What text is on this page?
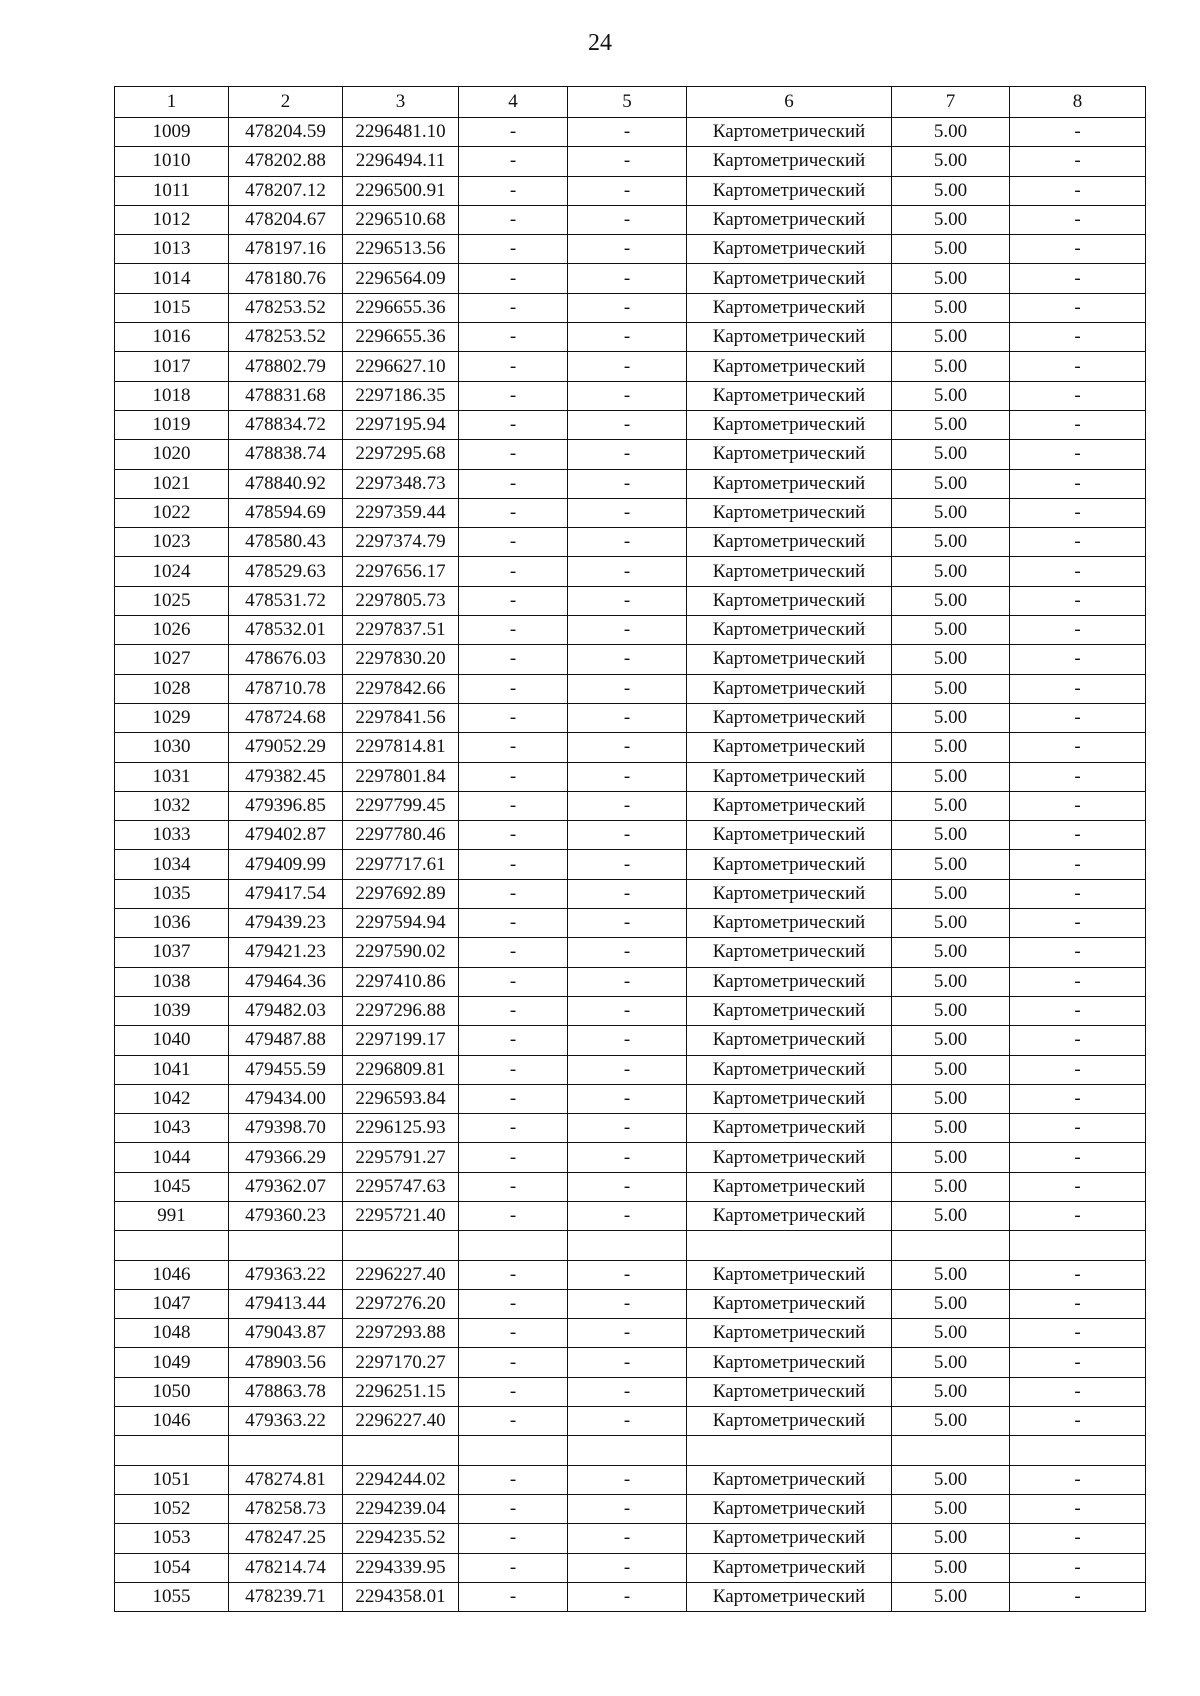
24
1	2	3	4	5	6	7	8
1009	478204.59	2296481.10	-	-	Картометрический	5.00	-
1010	478202.88	2296494.11	-	-	Картометрический	5.00	-
1011	478207.12	2296500.91	-	-	Картометрический	5.00	-
1012	478204.67	2296510.68	-	-	Картометрический	5.00	-
1013	478197.16	2296513.56	-	-	Картометрический	5.00	-
1014	478180.76	2296564.09	-	-	Картометрический	5.00	-
1015	478253.52	2296655.36	-	-	Картометрический	5.00	-
1016	478253.52	2296655.36	-	-	Картометрический	5.00	-
1017	478802.79	2296627.10	-	-	Картометрический	5.00	-
1018	478831.68	2297186.35	-	-	Картометрический	5.00	-
1019	478834.72	2297195.94	-	-	Картометрический	5.00	-
1020	478838.74	2297295.68	-	-	Картометрический	5.00	-
1021	478840.92	2297348.73	-	-	Картометрический	5.00	-
1022	478594.69	2297359.44	-	-	Картометрический	5.00	-
1023	478580.43	2297374.79	-	-	Картометрический	5.00	-
1024	478529.63	2297656.17	-	-	Картометрический	5.00	-
1025	478531.72	2297805.73	-	-	Картометрический	5.00	-
1026	478532.01	2297837.51	-	-	Картометрический	5.00	-
1027	478676.03	2297830.20	-	-	Картометрический	5.00	-
1028	478710.78	2297842.66	-	-	Картометрический	5.00	-
1029	478724.68	2297841.56	-	-	Картометрический	5.00	-
1030	479052.29	2297814.81	-	-	Картометрический	5.00	-
1031	479382.45	2297801.84	-	-	Картометрический	5.00	-
1032	479396.85	2297799.45	-	-	Картометрический	5.00	-
1033	479402.87	2297780.46	-	-	Картометрический	5.00	-
1034	479409.99	2297717.61	-	-	Картометрический	5.00	-
1035	479417.54	2297692.89	-	-	Картометрический	5.00	-
1036	479439.23	2297594.94	-	-	Картометрический	5.00	-
1037	479421.23	2297590.02	-	-	Картометрический	5.00	-
1038	479464.36	2297410.86	-	-	Картометрический	5.00	-
1039	479482.03	2297296.88	-	-	Картометрический	5.00	-
1040	479487.88	2297199.17	-	-	Картометрический	5.00	-
1041	479455.59	2296809.81	-	-	Картометрический	5.00	-
1042	479434.00	2296593.84	-	-	Картометрический	5.00	-
1043	479398.70	2296125.93	-	-	Картометрический	5.00	-
1044	479366.29	2295791.27	-	-	Картометрический	5.00	-
1045	479362.07	2295747.63	-	-	Картометрический	5.00	-
991	479360.23	2295721.40	-	-	Картометрический	5.00	-

1046	479363.22	2296227.40	-	-	Картометрический	5.00	-
1047	479413.44	2297276.20	-	-	Картометрический	5.00	-
1048	479043.87	2297293.88	-	-	Картометрический	5.00	-
1049	478903.56	2297170.27	-	-	Картометрический	5.00	-
1050	478863.78	2296251.15	-	-	Картометрический	5.00	-
1046	479363.22	2296227.40	-	-	Картометрический	5.00	-

1051	478274.81	2294244.02	-	-	Картометрический	5.00	-
1052	478258.73	2294239.04	-	-	Картометрический	5.00	-
1053	478247.25	2294235.52	-	-	Картометрический	5.00	-
1054	478214.74	2294339.95	-	-	Картометрический	5.00	-
1055	478239.71	2294358.01	-	-	Картометрический	5.00	-
